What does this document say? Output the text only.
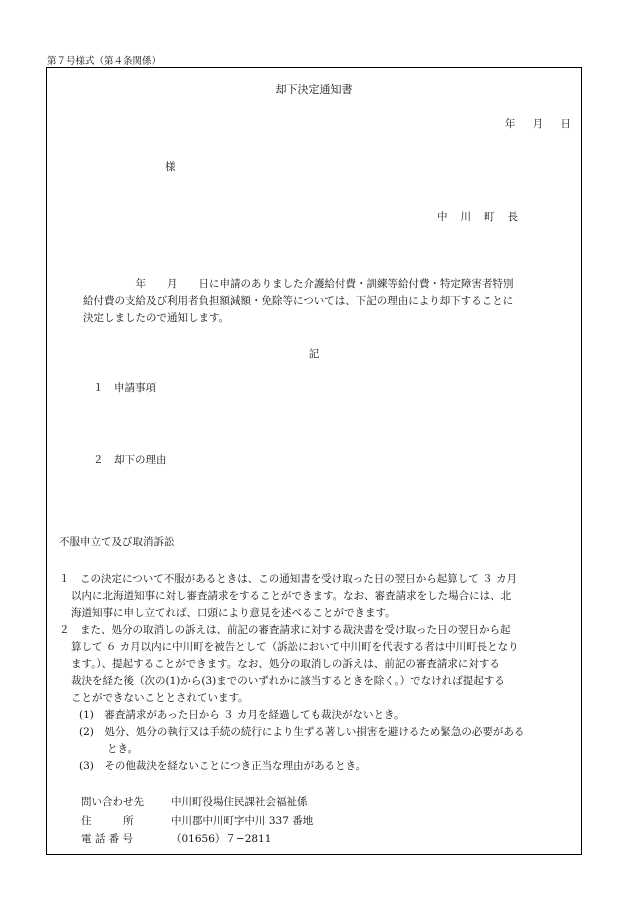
第７号様式（第４条関係）
却下決定通知書
年 月 日
様
中川町長
　　　　　年　　月　　日に申請のありました介護給付費・訓練等給付費・特定障害者特別
給付費の支給及び利用者負担額減額・免除等については、下記の理由により却下することに
決定しましたので通知します。
記
１　 申請事項
２　 却下の理由
不服申立て及び取消訴訟
１　この決定について不服があるときは、この通知書を受け取った日の翌日から起算して ３ カ月
以内に北海道知事に対し審査請求をすることができます。なお、審査請求をした場合には、北
海道知事に申し立てれば、口頭により意見を述べることができます。
２　また、処分の取消しの訴えは、前記の審査請求に対する裁決書を受け取った日の翌日から起
算して ６ カ月以内に中川町を被告として（訴訟において中川町を代表する者は中川町長となり
ます。）、提起することができます。なお、処分の取消しの訴えは、前記の審査請求に対する
裁決を経た後（次の(1)から(3)までのいずれかに該当するときを除く。）でなければ提起する
ことができないこととされています。
(1)　審査請求があった日から ３ カ月を経過しても裁決がないとき。
(2)　処分、処分の執行又は手続の続行により生ずる著しい損害を避けるため緊急の必要がある
とき。
(3)　その他裁決を経ないことにつき正当な理由があるとき。
問い合わせ先	中川町役場住民課社会福祉係
住　　　所	中川郡中川町字中川 337 番地
電 話 番 号	（01656）７−2811
